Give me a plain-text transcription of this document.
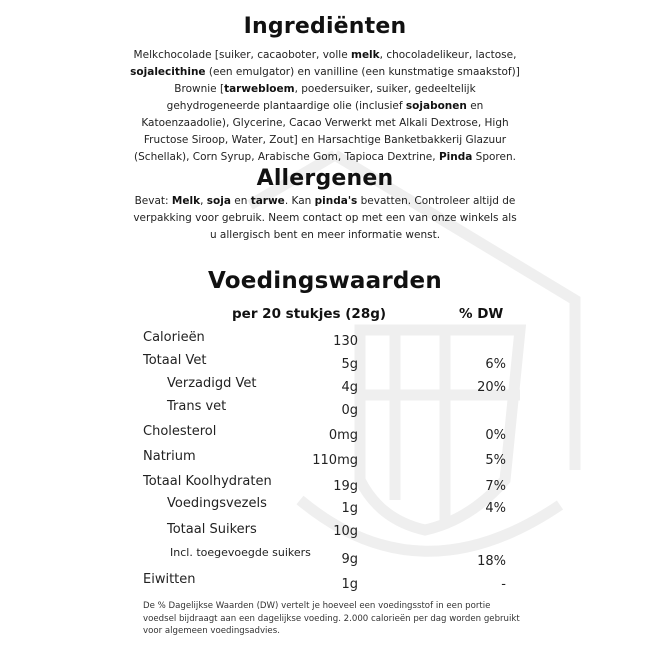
Ingrediënten
Melkchocolade [suiker, cacaoboter, volle melk, chocoladelikeur, lactose, sojalecithine (een emulgator) en vanilline (een kunstmatige smaakstof)] Brownie [tarwebloem, poedersuiker, suiker, gedeeltelijk gehydrogeneerde plantaardige olie (inclusief sojabonen en Katoenzaadolie), Glycerine, Cacao Verwerkt met Alkali Dextrose, High Fructose Siroop, Water, Zout] en Harsachtige Banketbakkerij Glazuur (Schellak), Corn Syrup, Arabische Gom, Tapioca Dextrine, Pinda Sporen.
Allergenen
Bevat: Melk, soja en tarwe. Kan pinda's bevatten. Controleer altijd de verpakking voor gebruik. Neem contact op met een van onze winkels als u allergisch bent en meer informatie wenst.
Voedingswaarden
per 20 stukjes (28g)	% DW
Calorieën	130
Totaal Vet	5g	6%
Verzadigd Vet	4g	20%
Trans vet	0g
Cholesterol	0mg	0%
Natrium	110mg	5%
Totaal Koolhydraten	19g	7%
Voedingsvezels	1g	4%
Totaal Suikers	10g
Incl. toegevoegde suikers	9g	18%
Eiwitten	1g	-
De % Dagelijkse Waarden (DW) vertelt je hoeveel een voedingsstof in een portie voedsel bijdraagt aan een dagelijkse voeding. 2.000 calorieën per dag worden gebruikt voor algemeen voedingsadvies.
